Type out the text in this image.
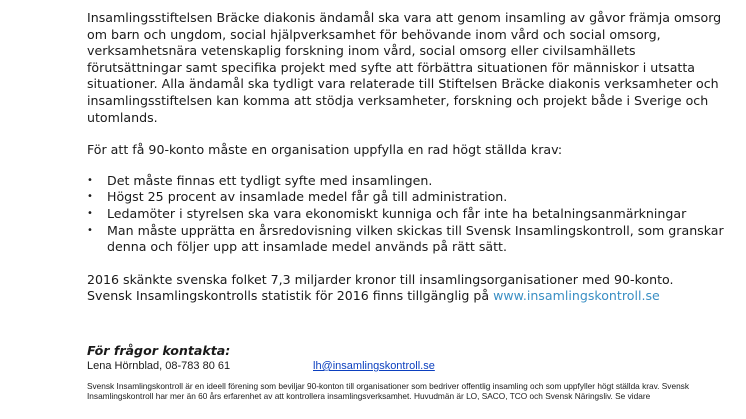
Insamlingsstiftelsen Bräcke diakonis ändamål ska vara att genom insamling av gåvor främja omsorg om barn och ungdom, social hjälpverksamhet för behövande inom vård och social omsorg, verksamhetsnära vetenskaplig forskning inom vård, social omsorg eller civilsamhällets förutsättningar samt specifika projekt med syfte att förbättra situationen för människor i utsatta situationer. Alla ändamål ska tydligt vara relaterade till Stiftelsen Bräcke diakonis verksamheter och insamlingsstiftelsen kan komma att stödja verksamheter, forskning och projekt både i Sverige och utomlands.

För att få 90-konto måste en organisation uppfylla en rad högt ställda krav:

• Det måste finnas ett tydligt syfte med insamlingen.
• Högst 25 procent av insamlade medel får gå till administration.
• Ledamöter i styrelsen ska vara ekonomiskt kunniga och får inte ha betalningsanmärkningar
• Man måste upprätta en årsredovisning vilken skickas till Svensk Insamlingskontroll, som granskar denna och följer upp att insamlade medel används på rätt sätt.

2016 skänkte svenska folket 7,3 miljarder kronor till insamlingsorganisationer med 90-konto.
Svensk Insamlingskontrolls statistik för 2016 finns tillgänglig på www.insamlingskontroll.se

För frågor kontakta:
Lena Hörnblad, 08-783 80 61	lh@insamlingskontroll.se

Svensk Insamlingskontroll är en ideell förening som beviljar 90-konton till organisationer som bedriver offentlig insamling och som uppfyller högt ställda krav. Svensk Insamlingskontroll har mer än 60 års erfarenhet av att kontrollera insamlingsverksamhet. Huvudmän är LO, SACO, TCO och Svensk Näringsliv. Se vidare
